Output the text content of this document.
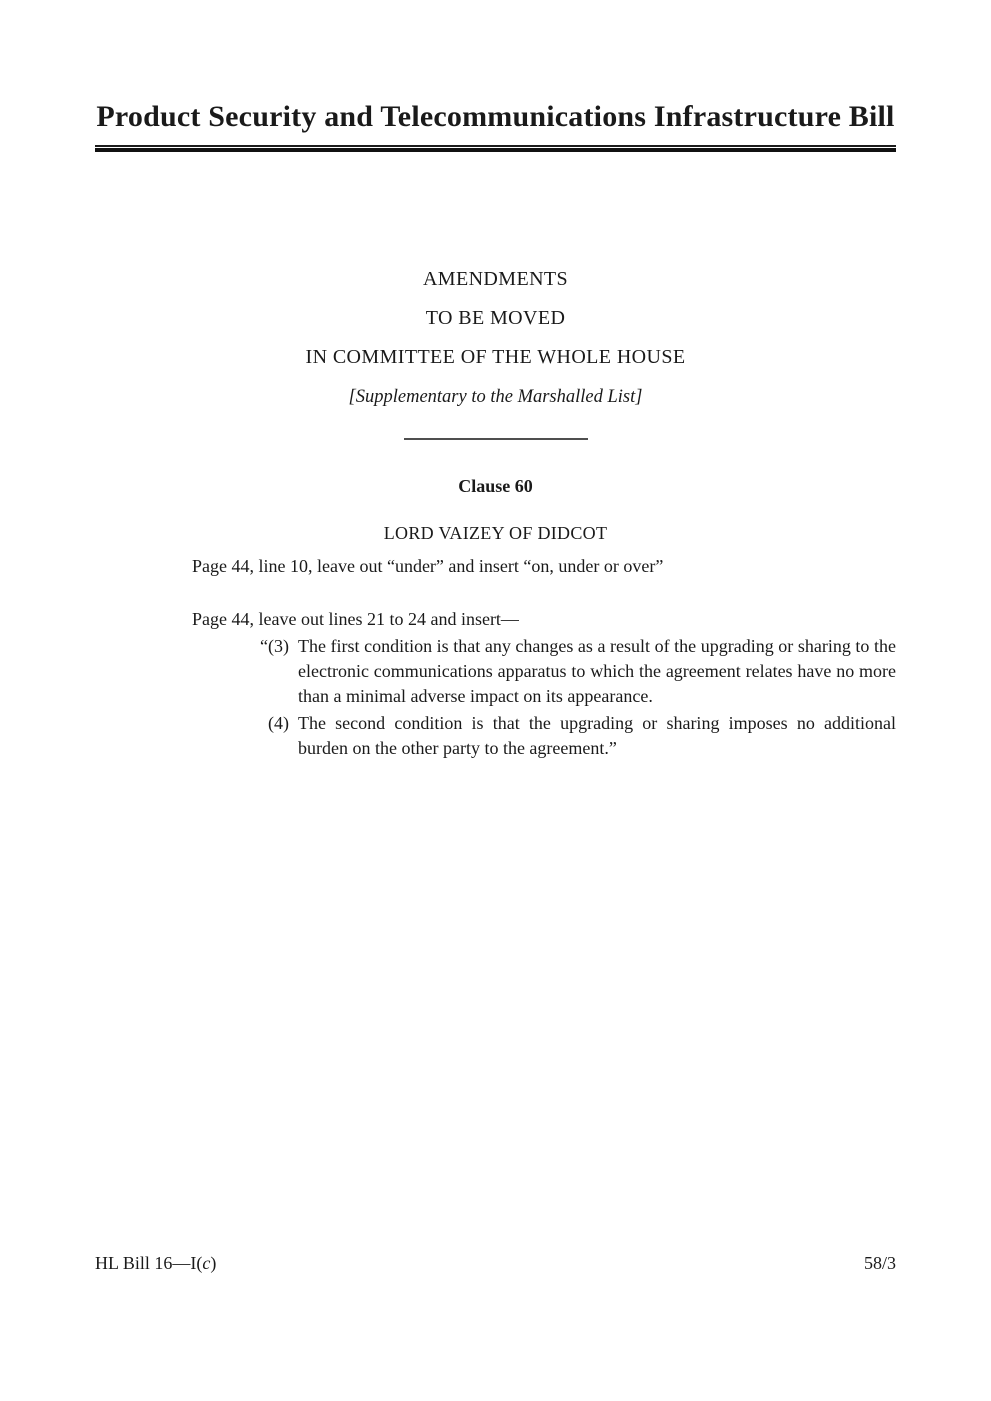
Product Security and Telecommunications Infrastructure Bill
AMENDMENTS
TO BE MOVED
IN COMMITTEE OF THE WHOLE HOUSE
[Supplementary to the Marshalled List]
Clause 60
LORD VAIZEY OF DIDCOT

Page 44, line 10, leave out “under” and insert “on, under or over”

Page 44, leave out lines 21 to 24 and insert—

“(3) The first condition is that any changes as a result of the upgrading or sharing to the electronic communications apparatus to which the agreement relates have no more than a minimal adverse impact on its appearance.
(4) The second condition is that the upgrading or sharing imposes no additional burden on the other party to the agreement.”
HL Bill 16—I(c)	58/3
